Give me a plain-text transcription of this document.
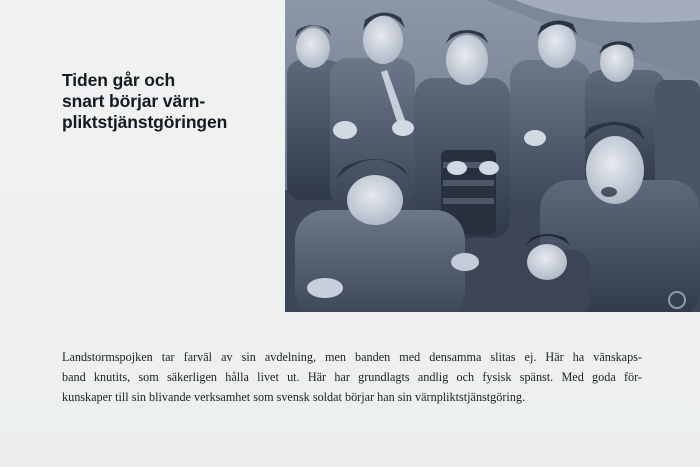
Tiden går och
snart börjar värn-
pliktstjänstgöringen

Landstormspojken tar farväl av sin avdelning, men banden med densamma slitas ej. Här ha vänskaps-
band knutits, som säkerligen hålla livet ut. Här har grundlagts andlig och fysisk spänst. Med goda för-
kunskaper till sin blivande verksamhet som svensk soldat börjar han sin värnpliktstjänstgöring.
